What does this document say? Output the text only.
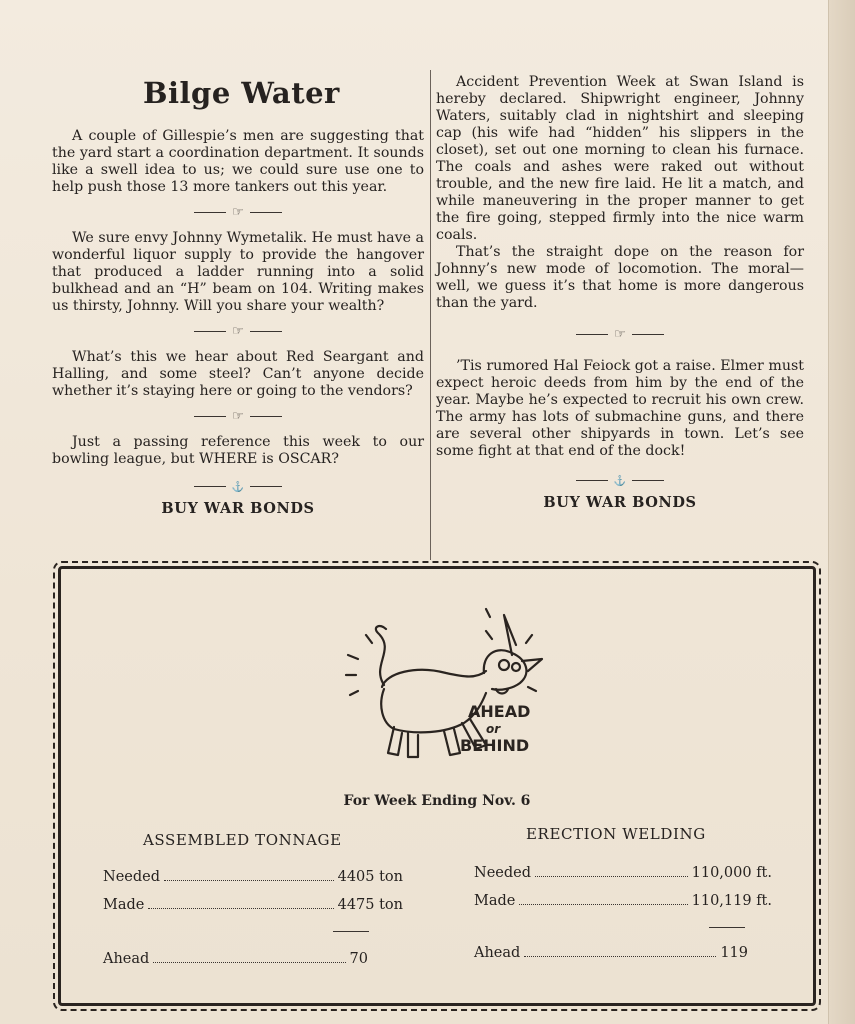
Bilge Water

A couple of Gillespie’s men are suggesting that the yard start a coordination department. It sounds like a swell idea to us; we could sure use one to help push those 13 more tankers out this year.

☞

We sure envy Johnny Wymetalik. He must have a wonderful liquor supply to provide the hangover that produced a ladder running into a solid bulkhead and an “H” beam on 104. Writing makes us thirsty, Johnny. Will you share your wealth?

☞

What’s this we hear about Red Seargant and Halling, and some steel? Can’t anyone decide whether it’s staying here or going to the vendors?

☞

Just a passing reference this week to our bowling league, but WHERE is OSCAR?

⚓
BUY WAR BONDS

Accident Prevention Week at Swan Island is hereby declared. Shipwright engineer, Johnny Waters, suitably clad in nightshirt and sleeping cap (his wife had “hidden” his slippers in the closet), set out one morning to clean his furnace. The coals and ashes were raked out without trouble, and the new fire laid. He lit a match, and while maneuvering in the proper manner to get the fire going, stepped firmly into the nice warm coals.

That’s the straight dope on the reason for Johnny’s new mode of locomotion. The moral—well, we guess it’s that home is more dangerous than the yard.

☞

’Tis rumored Hal Feiock got a raise. Elmer must expect heroic deeds from him by the end of the year. Maybe he’s expected to recruit his own crew. The army has lots of submachine guns, and there are several other shipyards in town. Let’s see some fight at that end of the dock!

⚓
BUY WAR BONDS
AHEAD
or
BEHIND
For Week Ending Nov. 6
ASSEMBLED TONNAGE	ERECTION WELDING
Needed	4405 ton
Made	4475 ton
Ahead	70
Needed	110,000 ft.
Made	110,119 ft.
Ahead	119
